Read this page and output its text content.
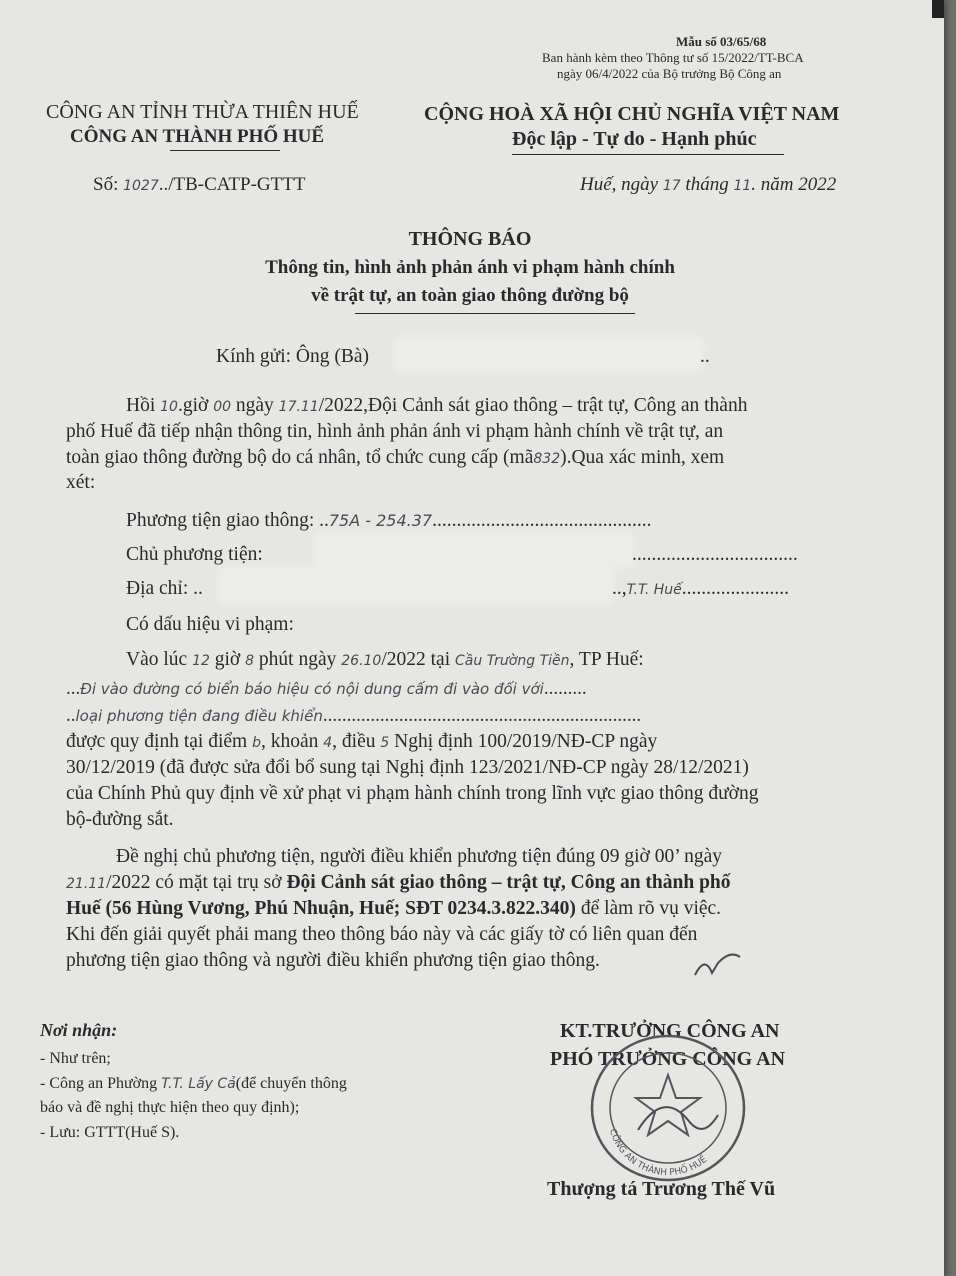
Mẫu số 03/65/68
Ban hành kèm theo Thông tư số 15/2022/TT-BCA
ngày 06/4/2022 của Bộ trưởng Bộ Công an
CÔNG AN TỈNH THỪA THIÊN HUẾ
CÔNG AN THÀNH PHỐ HUẾ
Số: 1027../TB-CATP-GTTT
CỘNG HOÀ XÃ HỘI CHỦ NGHĨA VIỆT NAM
Độc lập - Tự do - Hạnh phúc
Huế, ngày 17 tháng 11. năm 2022
THÔNG BÁO
Thông tin, hình ảnh phản ánh vi phạm hành chính
về trật tự, an toàn giao thông đường bộ
Kính gửi: Ông (Bà)	..
Hồi 10.giờ 00 ngày 17.11/2022,Đội Cảnh sát giao thông – trật tự, Công an thành
phố Huế đã tiếp nhận thông tin, hình ảnh phản ánh vi phạm hành chính về trật tự, an
toàn giao thông đường bộ do cá nhân, tổ chức cung cấp (mã832).Qua xác minh, xem
xét:
Phương tiện giao thông: ..75A - 254.37.............................................
Chủ phương tiện:	..................................
Địa chỉ: ..	..,T.T. Huế......................
Có dấu hiệu vi phạm:
Vào lúc 12 giờ 8 phút ngày 26.10/2022 tại Cầu Trường Tiền, TP Huế:
...Đi vào đường có biển báo hiệu có nội dung cấm đi vào đối với.........
..loại phương tiện đang điều khiển...................................................................
được quy định tại điểm b, khoản 4, điều 5 Nghị định 100/2019/NĐ-CP ngày
30/12/2019 (đã được sửa đổi bổ sung tại Nghị định 123/2021/NĐ-CP ngày 28/12/2021)
của Chính Phủ quy định về xử phạt vi phạm hành chính trong lĩnh vực giao thông đường
bộ-đường sắt.
Đề nghị chủ phương tiện, người điều khiển phương tiện đúng 09 giờ 00’ ngày
21.11/2022 có mặt tại trụ sở Đội Cảnh sát giao thông – trật tự, Công an thành phố
Huế (56 Hùng Vương, Phú Nhuận, Huế; SĐT 0234.3.822.340) để làm rõ vụ việc.
Khi đến giải quyết phải mang theo thông báo này và các giấy tờ có liên quan đến
phương tiện giao thông và người điều khiển phương tiện giao thông.
Nơi nhận:
- Như trên;
- Công an Phường T.T. Lấy Cả(để chuyển thông
báo và đề nghị thực hiện theo quy định);
- Lưu: GTTT(Huế S).
KT.TRƯỞNG CÔNG AN
PHÓ TRƯỞNG CÔNG AN
CÔNG AN THÀNH PHỐ HUẾ
Thượng tá Trương Thế Vũ
